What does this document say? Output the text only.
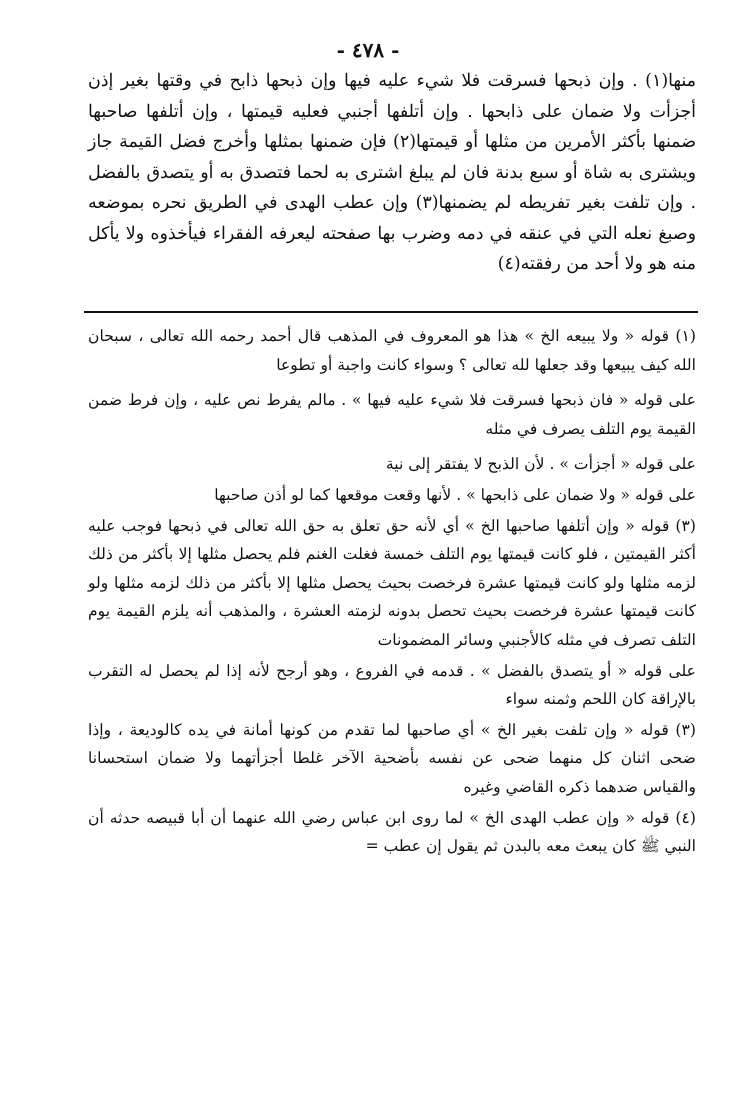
- ٤٧٨ -

منها(١) . وإن ذبحها فسرقت فلا شيء عليه فيها وإن ذبحها ذابح في وقتها بغير إذن أجزأت ولا ضمان على ذابحها . وإن أتلفها أجنبي فعليه قيمتها ، وإن أتلفها صاحبها ضمنها بأكثر الأمرين من مثلها أو قيمتها(٢) فإن ضمنها بمثلها وأخرج فضل القيمة جاز ويشترى به شاة أو سبع بدنة فان لم يبلغ اشترى به لحما فتصدق به أو يتصدق بالفضل . وإن تلفت بغير تفريطه لم يضمنها(٣) وإن عطب الهدى في الطريق نحره بموضعه وصبغ نعله التي في عنقه في دمه وضرب بها صفحته ليعرفه الفقراء فيأخذوه ولا يأكل منه هو ولا أحد من رفقته(٤)

(١) قوله « ولا يبيعه الخ » هذا هو المعروف في المذهب قال أحمد رحمه الله تعالى ، سبحان الله كيف يبيعها وقد جعلها لله تعالى ؟ وسواء كانت واجبة أو تطوعا

على قوله « فان ذبحها فسرقت فلا شيء عليه فيها » . مالم يفرط نص عليه ، وإن فرط ضمن القيمة يوم التلف يصرف في مثله

على قوله « أجزأت » . لأن الذبح لا يفتقر إلى نية

على قوله « ولا ضمان على ذابحها » . لأنها وقعت موقعها كما لو أذن صاحبها

(٣) قوله « وإن أتلفها صاحبها الخ » أي لأنه حق تعلق به حق الله تعالى في ذبحها فوجب عليه أكثر القيمتين ، فلو كانت قيمتها يوم التلف خمسة فغلت الغنم فلم يحصل مثلها إلا بأكثر من ذلك لزمه مثلها ولو كانت قيمتها عشرة فرخصت بحيث يحصل مثلها إلا بأكثر من ذلك لزمه مثلها ولو كانت قيمتها عشرة فرخصت بحيث تحصل بدونه لزمته العشرة ، والمذهب أنه يلزم القيمة يوم التلف تصرف في مثله كالأجنبي وسائر المضمونات

على قوله « أو يتصدق بالفضل » . قدمه في الفروع ، وهو أرجح لأنه إذا لم يحصل له التقرب بالإراقة كان اللحم وثمنه سواء

(٣) قوله « وإن تلفت بغير الخ » أي صاحبها لما تقدم من كونها أمانة في يده كالوديعة ، وإذا ضحى اثنان كل منهما ضحى عن نفسه بأضحية الآخر غلطا أجزأتهما ولا ضمان استحسانا والقياس ضدهما ذكره القاضي وغيره

(٤) قوله « وإن عطب الهدى الخ » لما روى ابن عباس رضي الله عنهما أن أبا قبيصه حدثه أن النبي ﷺ كان يبعث معه بالبدن ثم يقول إن عطب =
